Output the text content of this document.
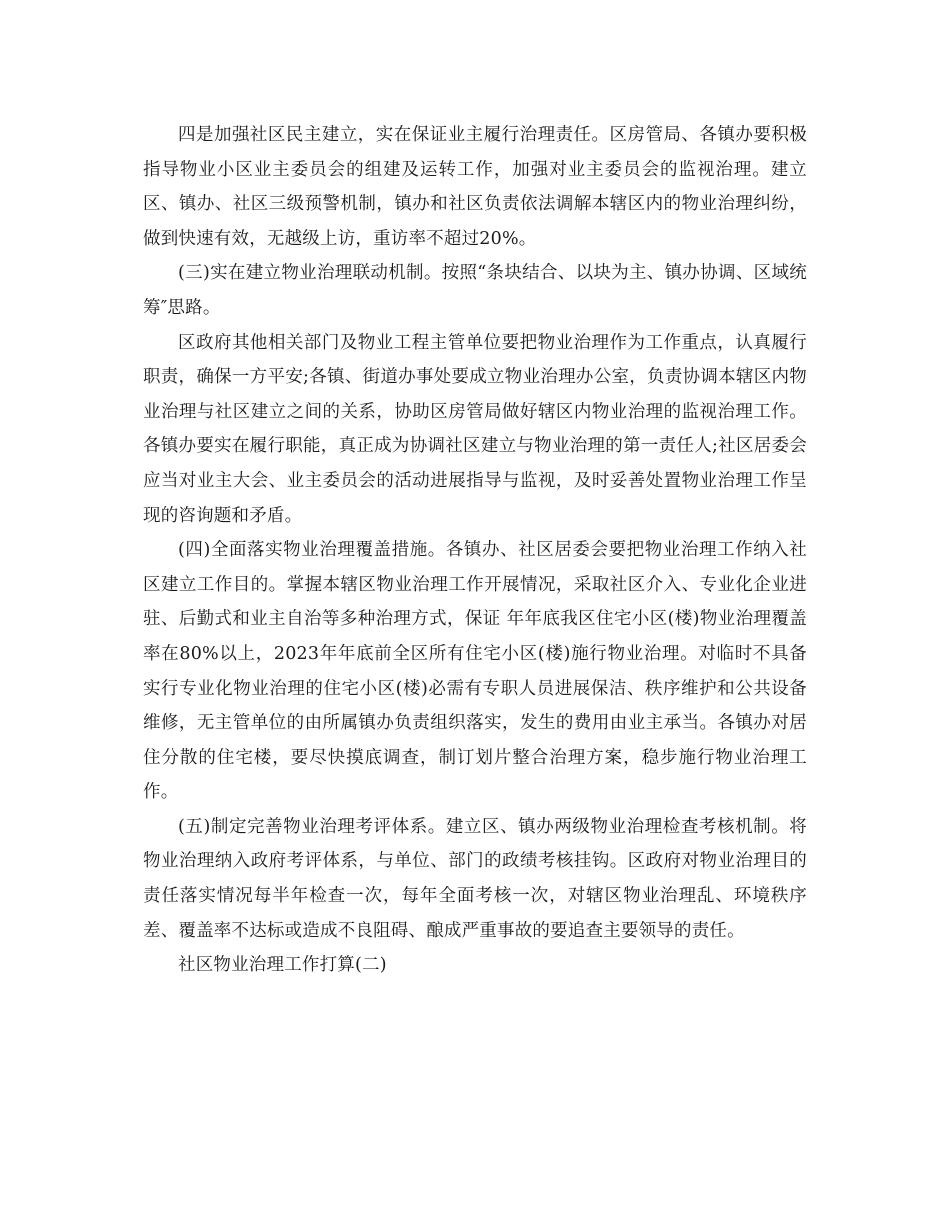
四是加强社区民主建立，实在保证业主履行治理责任。区房管局、各镇办要积极指导物业小区业主委员会的组建及运转工作，加强对业主委员会的监视治理。建立区、镇办、社区三级预警机制，镇办和社区负责依法调解本辖区内的物业治理纠纷，做到快速有效，无越级上访，重访率不超过20%。

(三)实在建立物业治理联动机制。按照“条块结合、以块为主、镇办协调、区域统筹″思路。

区政府其他相关部门及物业工程主管单位要把物业治理作为工作重点，认真履行职责，确保一方平安;各镇、街道办事处要成立物业治理办公室，负责协调本辖区内物业治理与社区建立之间的关系，协助区房管局做好辖区内物业治理的监视治理工作。各镇办要实在履行职能，真正成为协调社区建立与物业治理的第一责任人;社区居委会应当对业主大会、业主委员会的活动进展指导与监视，及时妥善处置物业治理工作呈现的咨询题和矛盾。

(四)全面落实物业治理覆盖措施。各镇办、社区居委会要把物业治理工作纳入社区建立工作目的。掌握本辖区物业治理工作开展情况，采取社区介入、专业化企业进驻、后勤式和业主自治等多种治理方式，保证 年年底我区住宅小区(楼)物业治理覆盖率在80%以上，2023年年底前全区所有住宅小区(楼)施行物业治理。对临时不具备实行专业化物业治理的住宅小区(楼)必需有专职人员进展保洁、秩序维护和公共设备维修，无主管单位的由所属镇办负责组织落实，发生的费用由业主承当。各镇办对居住分散的住宅楼，要尽快摸底调查，制订划片整合治理方案，稳步施行物业治理工作。

(五)制定完善物业治理考评体系。建立区、镇办两级物业治理检查考核机制。将物业治理纳入政府考评体系，与单位、部门的政绩考核挂钩。区政府对物业治理目的责任落实情况每半年检查一次，每年全面考核一次，对辖区物业治理乱、环境秩序差、覆盖率不达标或造成不良阻碍、酿成严重事故的要追查主要领导的责任。

社区物业治理工作打算(二)
